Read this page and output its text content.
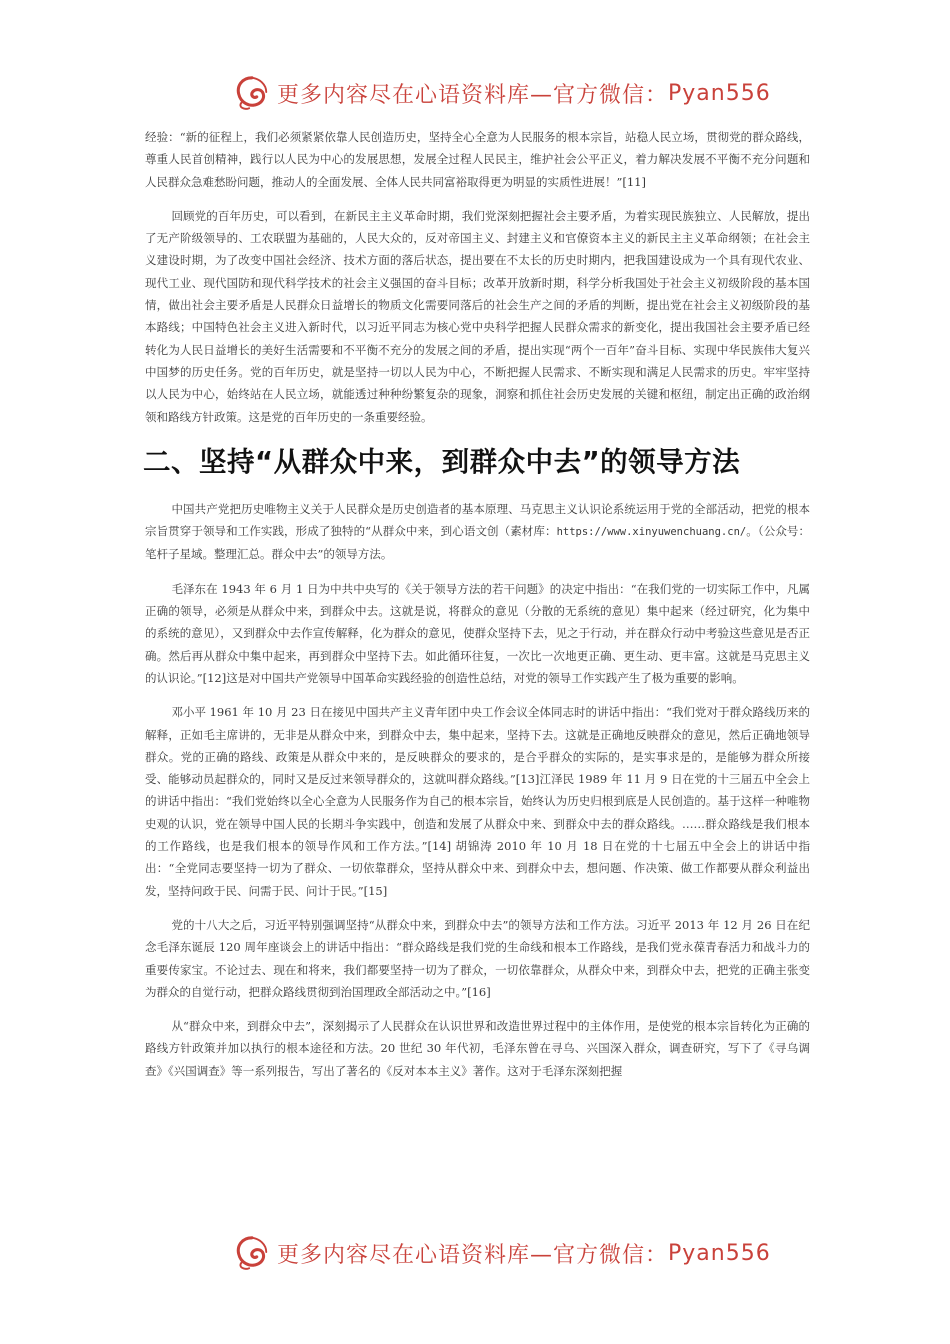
更多内容尽在心语资料库—官方微信： Pyan556

经验：“新的征程上，我们必须紧紧依靠人民创造历史，坚持全心全意为人民服务的根本宗旨，站稳人民立场，贯彻党的群众路线，尊重人民首创精神，践行以人民为中心的发展思想，发展全过程人民民主，维护社会公平正义，着力解决发展不平衡不充分问题和人民群众急难愁盼问题，推动人的全面发展、全体人民共同富裕取得更为明显的实质性进展！”[11]

回顾党的百年历史，可以看到，在新民主主义革命时期，我们党深刻把握社会主要矛盾，为着实现民族独立、人民解放，提出了无产阶级领导的、工农联盟为基础的，人民大众的，反对帝国主义、封建主义和官僚资本主义的新民主主义革命纲领；在社会主义建设时期，为了改变中国社会经济、技术方面的落后状态，提出要在不太长的历史时期内，把我国建设成为一个具有现代农业、现代工业、现代国防和现代科学技术的社会主义强国的奋斗目标；改革开放新时期，科学分析我国处于社会主义初级阶段的基本国情，做出社会主要矛盾是人民群众日益增长的物质文化需要同落后的社会生产之间的矛盾的判断，提出党在社会主义初级阶段的基本路线；中国特色社会主义进入新时代，以习近平同志为核心党中央科学把握人民群众需求的新变化，提出我国社会主要矛盾已经转化为人民日益增长的美好生活需要和不平衡不充分的发展之间的矛盾，提出实现“两个一百年”奋斗目标、实现中华民族伟大复兴中国梦的历史任务。党的百年历史，就是坚持一切以人民为中心，不断把握人民需求、不断实现和满足人民需求的历史。牢牢坚持以人民为中心，始终站在人民立场，就能透过种种纷繁复杂的现象，洞察和抓住社会历史发展的关键和枢纽，制定出正确的政治纲领和路线方针政策。这是党的百年历史的一条重要经验。

二、坚持“从群众中来，到群众中去”的领导方法

中国共产党把历史唯物主义关于人民群众是历史创造者的基本原理、马克思主义认识论系统运用于党的全部活动，把党的根本宗旨贯穿于领导和工作实践，形成了独特的“从群众中来，到心语文创（素材库：https://www.xinyuwenchuang.cn/。（公众号：笔杆子星域。整理汇总。群众中去”的领导方法。

毛泽东在 1943 年 6 月 1 日为中共中央写的《关于领导方法的若干问题》的决定中指出：“在我们党的一切实际工作中，凡属正确的领导，必须是从群众中来，到群众中去。这就是说，将群众的意见（分散的无系统的意见）集中起来（经过研究，化为集中的系统的意见），又到群众中去作宣传解释，化为群众的意见，使群众坚持下去，见之于行动，并在群众行动中考验这些意见是否正确。然后再从群众中集中起来，再到群众中坚持下去。如此循环往复，一次比一次地更正确、更生动、更丰富。这就是马克思主义的认识论。”[12]这是对中国共产党领导中国革命实践经验的创造性总结，对党的领导工作实践产生了极为重要的影响。

邓小平 1961 年 10 月 23 日在接见中国共产主义青年团中央工作会议全体同志时的讲话中指出：“我们党对于群众路线历来的解释，正如毛主席讲的，无非是从群众中来，到群众中去，集中起来，坚持下去。这就是正确地反映群众的意见，然后正确地领导群众。党的正确的路线、政策是从群众中来的，是反映群众的要求的，是合乎群众的实际的，是实事求是的，是能够为群众所接受、能够动员起群众的，同时又是反过来领导群众的，这就叫群众路线。”[13]江泽民 1989 年 11 月 9 日在党的十三届五中全会上的讲话中指出：“我们党始终以全心全意为人民服务作为自己的根本宗旨，始终认为历史归根到底是人民创造的。基于这样一种唯物史观的认识，党在领导中国人民的长期斗争实践中，创造和发展了从群众中来、到群众中去的群众路线。……群众路线是我们根本的工作路线，也是我们根本的领导作风和工作方法。”[14] 胡锦涛 2010 年 10 月 18 日在党的十七届五中全会上的讲话中指出：“全党同志要坚持一切为了群众、一切依靠群众，坚持从群众中来、到群众中去，想问题、作决策、做工作都要从群众利益出发，坚持问政于民、问需于民、问计于民。”[15]

党的十八大之后，习近平特别强调坚持“从群众中来，到群众中去”的领导方法和工作方法。习近平 2013 年 12 月 26 日在纪念毛泽东诞辰 120 周年座谈会上的讲话中指出：“群众路线是我们党的生命线和根本工作路线，是我们党永葆青春活力和战斗力的重要传家宝。不论过去、现在和将来，我们都要坚持一切为了群众，一切依靠群众，从群众中来，到群众中去，把党的正确主张变为群众的自觉行动，把群众路线贯彻到治国理政全部活动之中。”[16]

从“群众中来，到群众中去”，深刻揭示了人民群众在认识世界和改造世界过程中的主体作用，是使党的根本宗旨转化为正确的路线方针政策并加以执行的根本途径和方法。20 世纪 30 年代初，毛泽东曾在寻乌、兴国深入群众，调查研究，写下了《寻乌调查》《兴国调查》等一系列报告，写出了著名的《反对本本主义》著作。这对于毛泽东深刻把握

更多内容尽在心语资料库—官方微信： Pyan556
